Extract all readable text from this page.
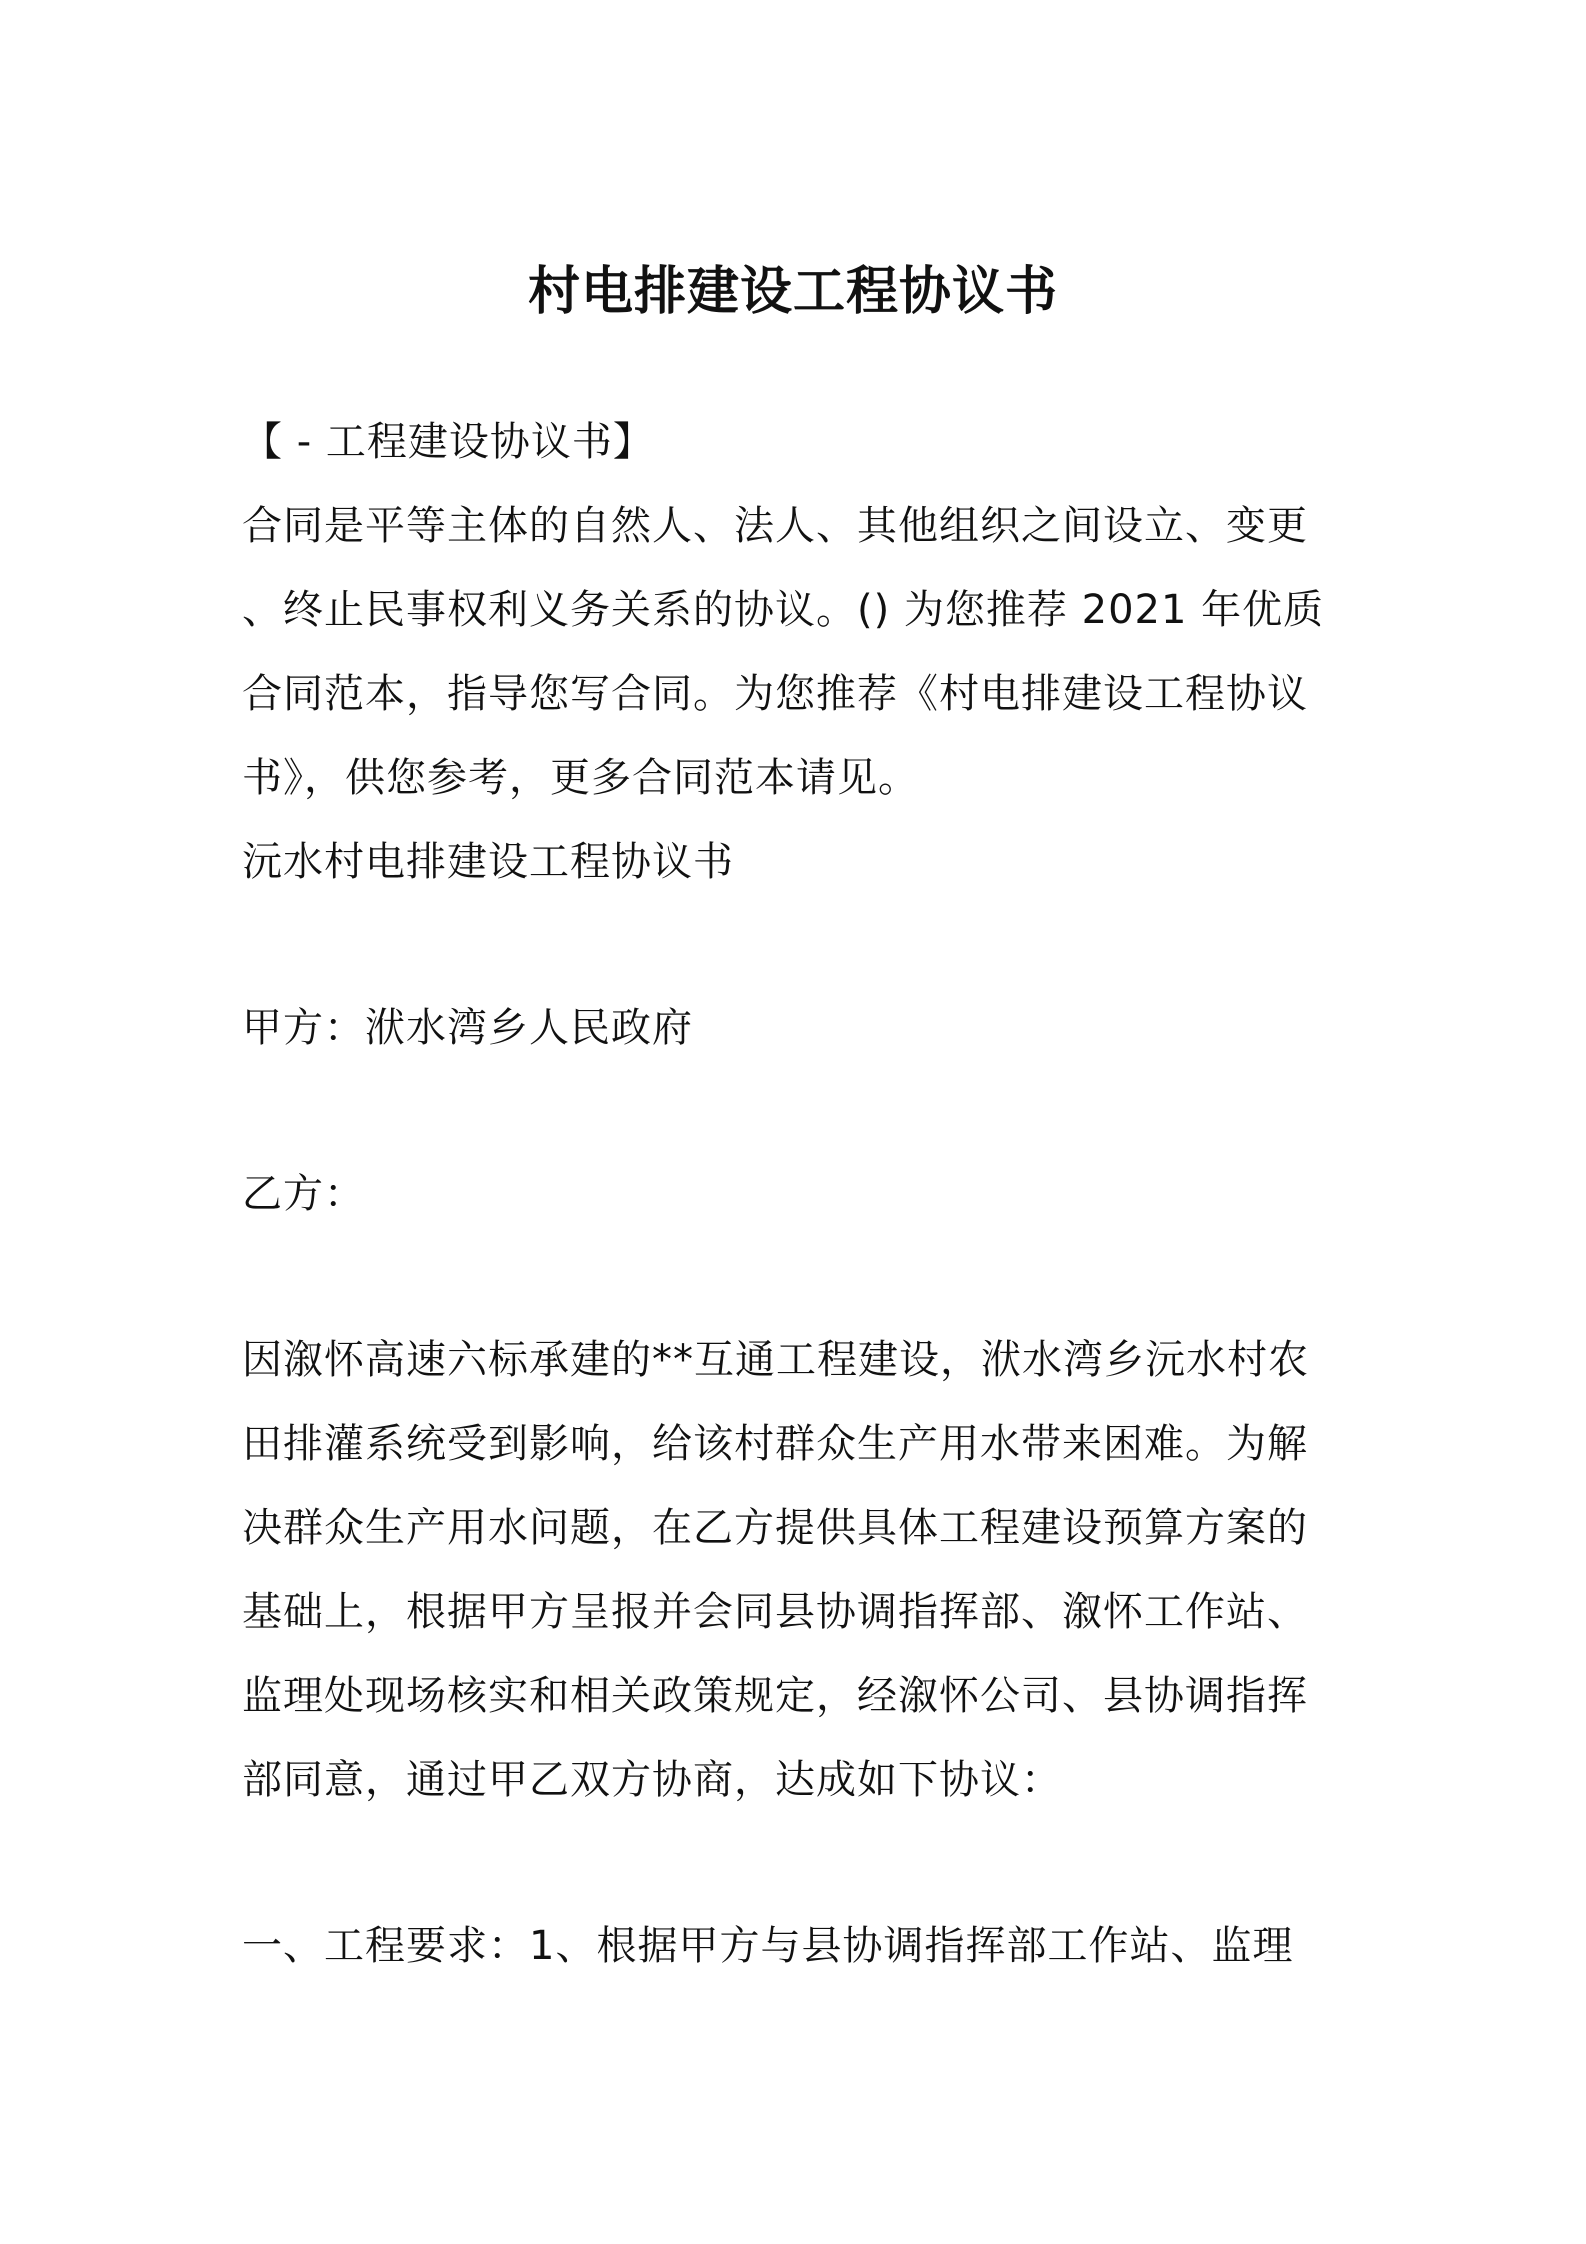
村电排建设工程协议书
【 - 工程建设协议书】
合同是平等主体的自然人、法人、其他组织之间设立、变更
、终止民事权利义务关系的协议。() 为您推荐 2021 年优质
合同范本，指导您写合同。为您推荐《村电排建设工程协议
书》，供您参考，更多合同范本请见。
沅水村电排建设工程协议书
甲方：洑水湾乡人民政府
乙方：
因溆怀高速六标承建的**互通工程建设，洑水湾乡沅水村农
田排灌系统受到影响，给该村群众生产用水带来困难。为解
决群众生产用水问题，在乙方提供具体工程建设预算方案的
基础上，根据甲方呈报并会同县协调指挥部、溆怀工作站、
监理处现场核实和相关政策规定，经溆怀公司、县协调指挥
部同意，通过甲乙双方协商，达成如下协议：
一、工程要求：1、根据甲方与县协调指挥部工作站、监理
